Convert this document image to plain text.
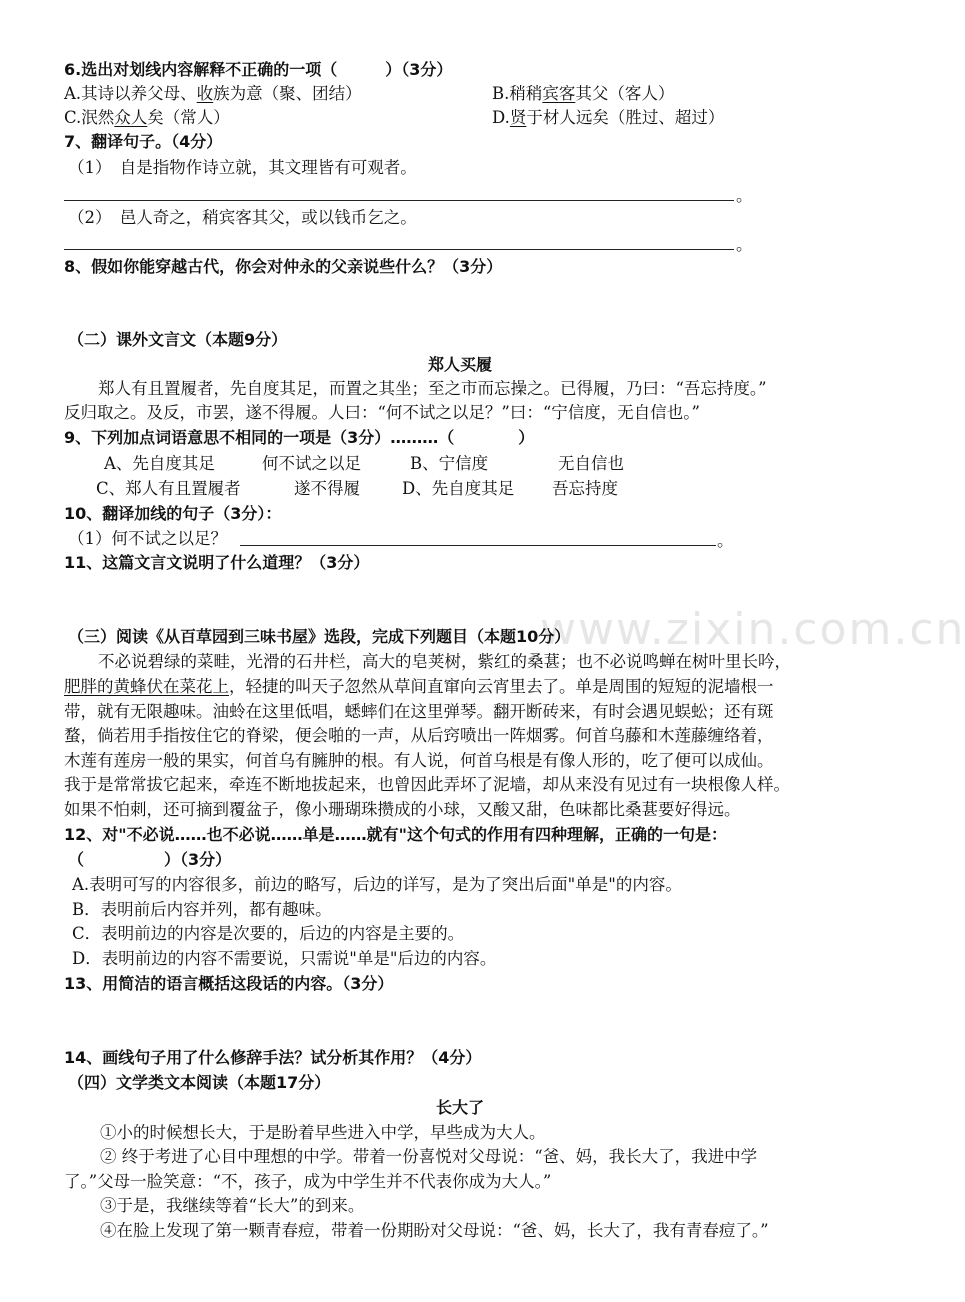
www.zixin.com.cn
6.选出对划线内容解释不正确的一项（　　　）（3分）
A.其诗以养父母、收族为意（聚、团结）	B.稍稍宾客其父（客人）
C.泯然众人矣（常人）	D.贤于材人远矣（胜过、超过）
7、翻译句子。（4分）
（1）　自是指物作诗立就，其文理皆有可观者。
。
（2）　邑人奇之，稍宾客其父，或以钱币乞之。
。
8、假如你能穿越古代，你会对仲永的父亲说些什么？（3分）
（二）课外文言文（本题9分）
郑人买履
郑人有且置履者，先自度其足，而置之其坐；至之市而忘操之。已得履，乃曰：“吾忘持度。”
反归取之。及反，市罢，遂不得履。人曰：“何不试之以足？”曰：“宁信度，无自信也。”
9、下列加点词语意思不相同的一项是（3分）………（　　　　）
A、先自度其足	何不试之以足	B、宁信度	无自信也
C、郑人有且置履者	遂不得履	D、先自度其足 吾忘持度
10、翻译加线的句子（3分）：
（1）何不试之以足？	。
11、这篇文言文说明了什么道理？（3分）
（三）阅读《从百草园到三味书屋》选段，完成下列题目（本题10分）
不必说碧绿的菜畦，光滑的石井栏，高大的皂荚树，紫红的桑葚；也不必说鸣蝉在树叶里长吟，
肥胖的黄蜂伏在菜花上，轻捷的叫天子忽然从草间直窜向云宵里去了。单是周围的短短的泥墙根一
带，就有无限趣味。油蛉在这里低唱，蟋蟀们在这里弹琴。翻开断砖来，有时会遇见蜈蚣；还有斑
蝥，倘若用手指按住它的脊梁，便会啪的一声，从后窍喷出一阵烟雾。何首乌藤和木莲藤缠络着，
木莲有莲房一般的果实，何首乌有臃肿的根。有人说，何首乌根是有像人形的，吃了便可以成仙。
我于是常常拔它起来，牵连不断地拔起来，也曾因此弄坏了泥墙，却从来没有见过有一块根像人样。
如果不怕刺，还可摘到覆盆子，像小珊瑚珠攒成的小球，又酸又甜，色味都比桑葚要好得远。
12、对"不必说……也不必说……单是……就有"这个句式的作用有四种理解，正确的一句是：
（　　　　　）（3分）
A.表明可写的内容很多，前边的略写，后边的详写，是为了突出后面"单是"的内容。
B．表明前后内容并列，都有趣味。
C．表明前边的内容是次要的，后边的内容是主要的。
D．表明前边的内容不需要说，只需说"单是"后边的内容。
13、用简洁的语言概括这段话的内容。（3分）
14、画线句子用了什么修辞手法？试分析其作用？（4分）
（四）文学类文本阅读（本题17分）
长大了
①小的时候想长大，于是盼着早些进入中学，早些成为大人。
② 终于考进了心目中理想的中学。带着一份喜悦对父母说：“爸、妈，我长大了，我进中学
了。”父母一脸笑意：“不，孩子，成为中学生并不代表你成为大人。”
③于是，我继续等着“长大”的到来。
④在脸上发现了第一颗青春痘，带着一份期盼对父母说：“爸、妈，长大了，我有青春痘了。”
